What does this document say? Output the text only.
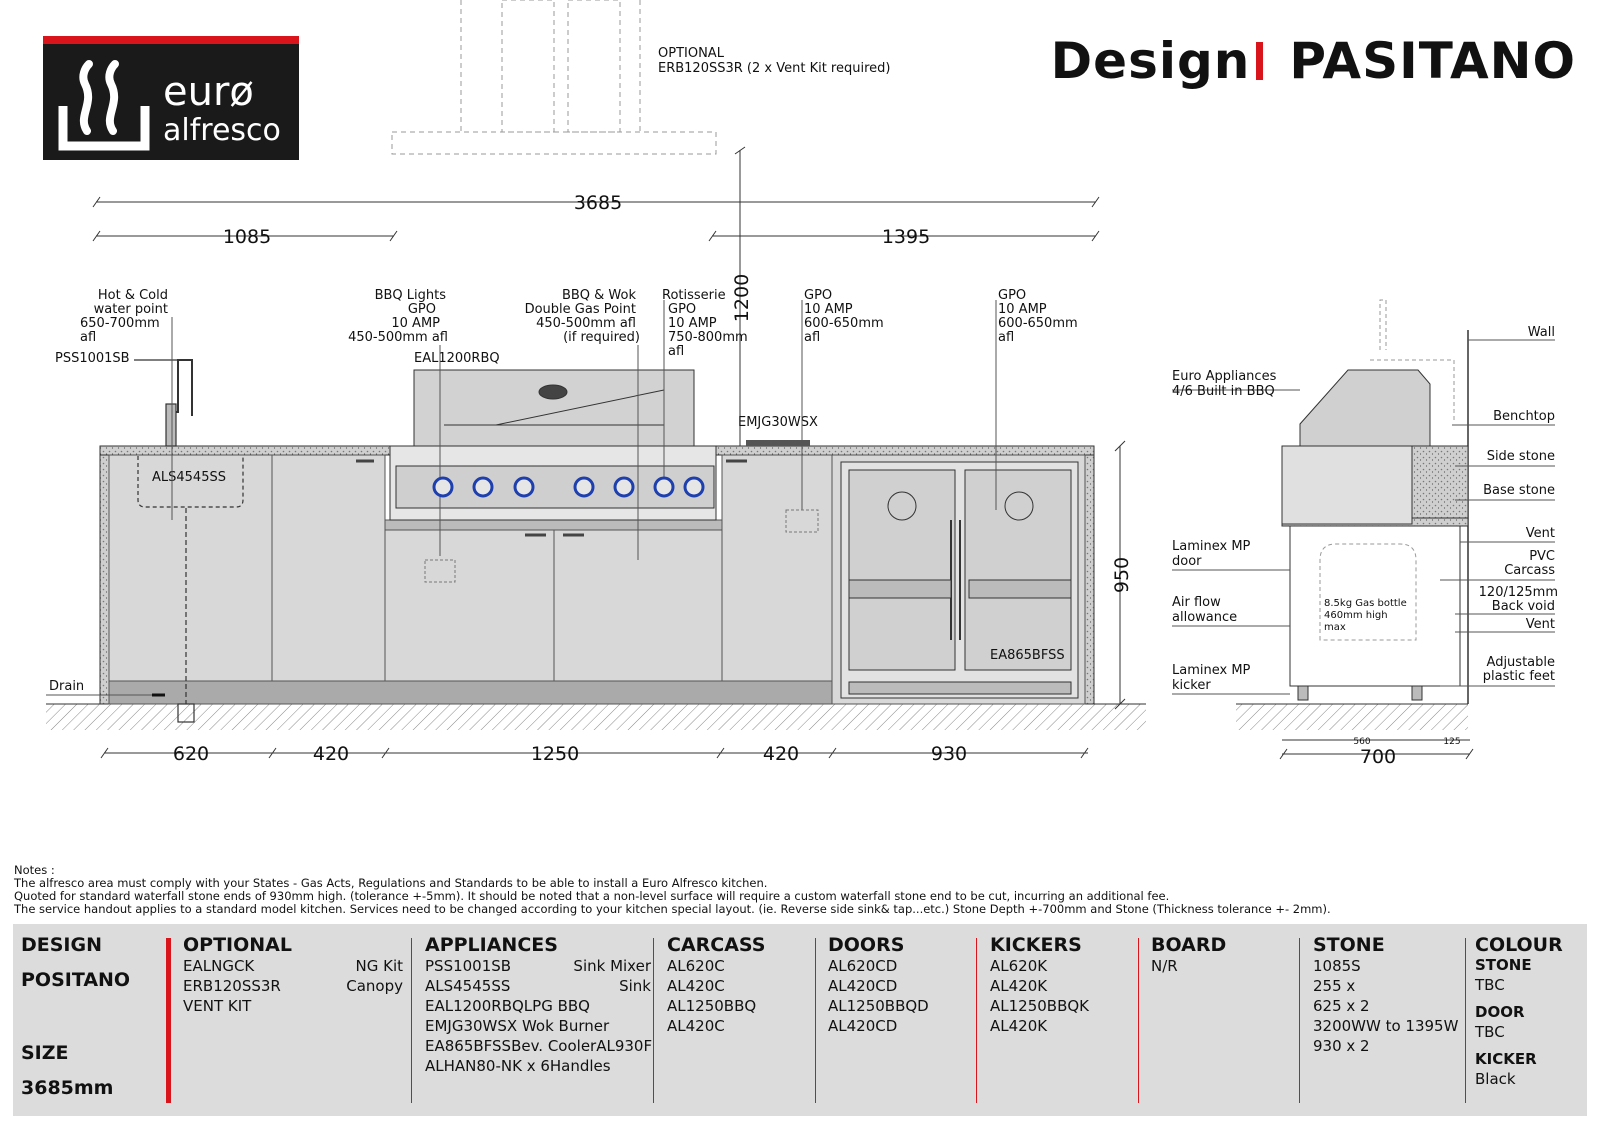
eurø
alfresco
Design PASITANO
OPTIONAL
ERB120SS3R (2 x Vent Kit required)
3685
1085	1395
1200
ALS4545SS
PSS1001SB
Hot & Cold
water point
650-700mm
afl
Drain
EAL1200RBQ
EMJG30WSX
EA865BFSS
BBQ Lights
GPO
10 AMP
450-500mm afl
BBQ & Wok
Double Gas Point
450-500mm afl
(if required)
Rotisserie
GPO
10 AMP
750-800mm
afl
GPO
10 AMP
600-650mm
afl
GPO
10 AMP
600-650mm
afl
950
620	420	1250	420	930	700
560	125
Wall
Benchtop
Side stone
Base stone
Vent
PVC
Carcass
120/125mm
Back void
Vent
Adjustable
plastic feet
Euro Appliances
4/6 Built in BBQ
Laminex MP
door
Air flow
allowance
Laminex MP
kicker
8.5kg Gas bottle
460mm high
max
Notes :
The alfresco area must comply with your States - Gas Acts, Regulations and Standards to be able to install a Euro Alfresco kitchen.
Quoted for standard waterfall stone ends of 930mm high. (tolerance +-5mm). It should be noted that a non-level surface will require a custom waterfall stone end to be cut, incurring an additional fee.
The service handout applies to a standard model kitchen. Services need to be changed according to your kitchen special layout. (ie. Reverse side sink& tap...etc.) Stone Depth +-700mm and Stone (Thickness tolerance +- 2mm).
DESIGN
POSITANO
SIZE
3685mm
OPTIONAL
EALNGCK	NG Kit
ERB120SS3R	Canopy
VENT KIT
APPLIANCES
PSS1001SB	Sink Mixer
ALS4545SS	Sink
EAL1200RBQLPG BBQ
EMJG30WSX Wok Burner
EA865BFSSBev. CoolerAL930F
ALHAN80-NK x 6Handles
CARCASS
AL620C
AL420C
AL1250BBQ
AL420C
DOORS
AL620CD
AL420CD
AL1250BBQD
AL420CD
KICKERS
AL620K
AL420K
AL1250BBQK
AL420K
BOARD
N/R
STONE
1085S
255 x
625 x 2
3200WW to 1395W
930 x 2
COLOUR
STONE
TBC
DOOR
TBC
KICKER
Black
